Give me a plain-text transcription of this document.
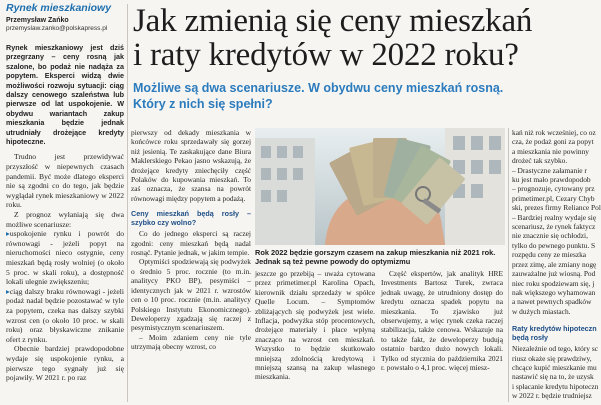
Rynek mieszkaniowy
Przemysław Zańko
przemyslaw.zanko@polskapress.pl
Rynek mieszkaniowy jest dziś przegrzany – ceny rosną jak szalone, bo podaż nie nadąża za popytem. Eksperci widzą dwie możliwości rozwoju sytuacji: ciąg dalszy cenowego szaleństwa lub pierwsze od lat uspokojenie. W obydwu wariantach zakup mieszkania będzie jednak utrudniały drożejące kredyty hipoteczne.

Trudno jest przewidywać przyszłość w niepewnych czasach pandemii. Być może dlatego eksperci nie są zgodni co do tego, jak będzie wyglądał rynek mieszkaniowy w 2022 roku.

Z prognoz wyłaniają się dwa możliwe scenariusze:

▸ uspokojenie rynku i powrót do równowagi - jeżeli popyt na nieruchomości nieco ostygnie, ceny mieszkań będą rosły wolniej (o około 5 proc. w skali roku), a dostępność lokali ulegnie zwiększeniu;

▸ ciąg dalszy braku równowagi - jeżeli podaż nadal będzie pozostawać w tyle za popytem, czeka nas dalszy szybki wzrost cen (o około 10 proc. w skali roku) oraz błyskawiczne znikanie ofert z rynku.

Obecnie bardziej prawdopodobne wydaje się uspokojenie rynku, a pierwsze tego sygnały już się pojawiły. W 2021 r. po raz

Jak zmienią się ceny mieszkań
i raty kredytów w 2022 roku?
Możliwe są dwa scenariusze. W obydwu ceny mieszkań rosną.
Który z nich się spełni?

pierwszy od dekady mieszkania w końcówce roku sprzedawały się gorzej niż jesienią. Te zaskakujące dane Biura Maklerskiego Pekao jasno wskazują, że drożejące kredyty zniechęciły część Polaków do kupowania mieszkań. To zaś oznacza, że szansa na powrót równowagi między popytem a podażą.

Ceny mieszkań będą rosły – szybko czy wolno?

Co do jednego eksperci są raczej zgodni: ceny mieszkań będą nadal rosnąć. Pytanie jednak, w jakim tempie.

Optymiści spodziewają się podwyżek o średnio 5 proc. rocznie (to m.in. analitycy PKO BP), pesymiści – identycznych jak w 2021 r. wzrostów cen o 10 proc. rocznie (m.in. analitycy Polskiego Instytutu Ekonomicznego). Deweloperzy zgadzają się raczej z pesymistycznym scenariuszem.

– Moim zdaniem ceny nie tyle utrzymają obecny wzrost, co

Rok 2022 będzie gorszym czasem na zakup mieszkania niż 2021 rok. Jednak są też pewne powody do optymizmu

jeszcze go przebiją – uważa cytowana przez primetimer.pl Karolina Opach, kierownik działu sprzedaży w spółce Quelle Locum. – Symptomów zbliżających się podwyżek jest wiele. Inflacja, podwyżka stóp procentowych, drożejące materiały i płace wpłyną znacząco na wzrost cen mieszkań. Wszystko to będzie skutkowało mniejszą zdolnością kredytową i mniejszą szansą na zakup własnego mieszkania.

Część ekspertów, jak analityk HRE Investments Bartosz Turek, zwraca jednak uwagę, że utrudniony dostęp do kredytu oznacza spadek popytu na mieszkania. To zjawisko już obserwujemy, a więc rynek czeka raczej stabilizacja, także cenowa. Wskazuje na to także fakt, że deweloperzy budują ostatnio bardzo dużo nowych lokali. Tylko od stycznia do października 2021 r. powstało o 4,1 proc. więcej miesz-

kań niż rok wcześniej, co oz

cza, że podaż goni za popyt

a mieszkania nie powinny

drożeć tak szybko.

– Drastyczne załamanie r

ku jest mało prawdopodob

– prognozuje, cytowany prz

primetimer.pl, Cezary Chyb

ski, prezes firmy Reliance Pol

– Bardziej realny wydaje się

scenariusz, że rynek faktycz

nie znacznie się ochłodzi,

tylko do pewnego punktu. S

rozpędu ceny ze mieszka

przez zimę, ale zmiany nogę

zauważalne już wiosną. Pod

niec roku spodziewam się, j

nak większego wyhamowan

a nawet pewnych spadków

w dużych miastach.

Raty kredytów hipoteczn
będą rosły

Niezależnie od tego, który sc

riusz okaże się prawdziwy,

chcące kupić mieszkanie mu

nastawić się na to, że uzysk

i spłacanie kredytu hipoteczn

w 2022 r. będzie trudniejsz
